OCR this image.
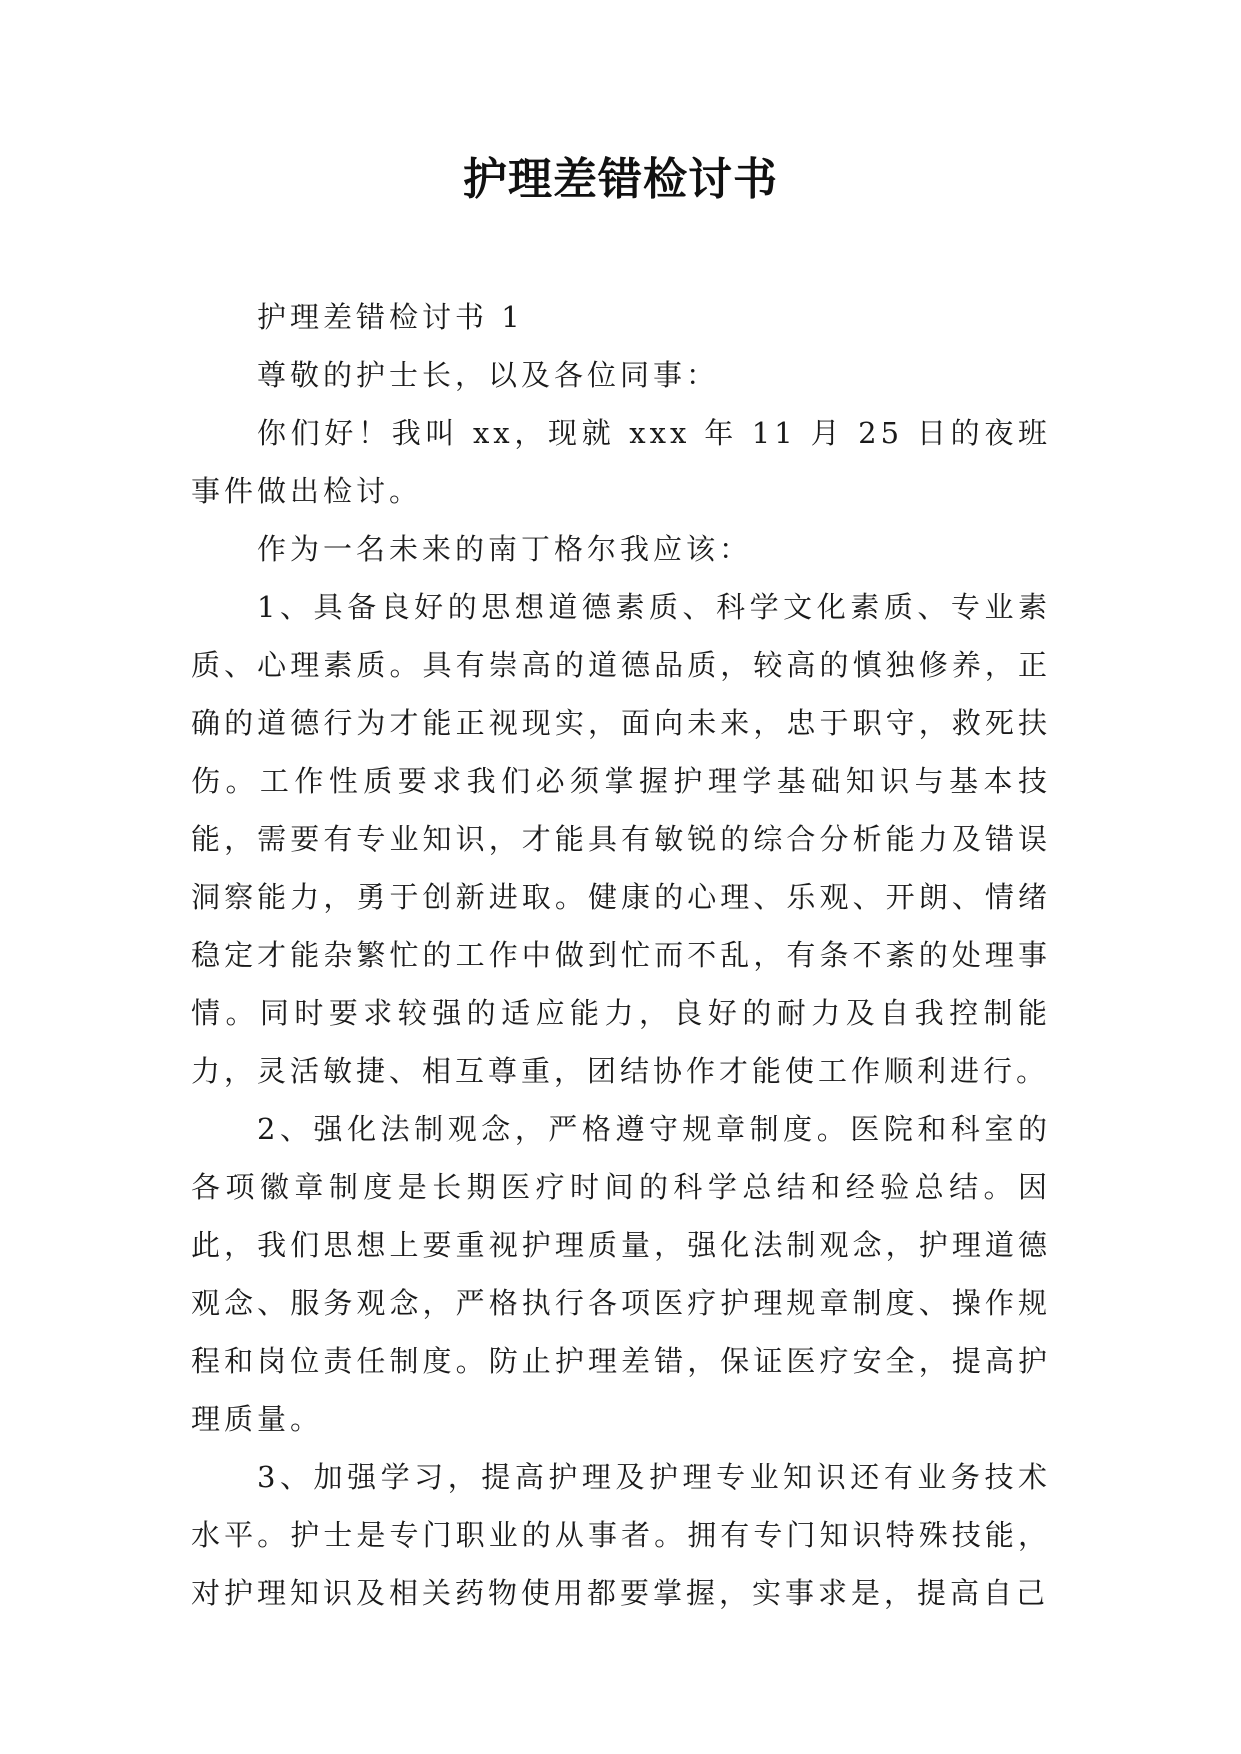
护理差错检讨书

护理差错检讨书 1

尊敬的护士长，以及各位同事：

你们好！我叫 xx，现就 xxx 年 11 月 25 日的夜班事件做出检讨。

作为一名未来的南丁格尔我应该：

1、具备良好的思想道德素质、科学文化素质、专业素质、心理素质。具有崇高的道德品质，较高的慎独修养，正确的道德行为才能正视现实，面向未来，忠于职守，救死扶伤。工作性质要求我们必须掌握护理学基础知识与基本技能，需要有专业知识，才能具有敏锐的综合分析能力及错误洞察能力，勇于创新进取。健康的心理、乐观、开朗、情绪稳定才能杂繁忙的工作中做到忙而不乱，有条不紊的处理事情。同时要求较强的适应能力，良好的耐力及自我控制能力，灵活敏捷、相互尊重，团结协作才能使工作顺利进行。

2、强化法制观念，严格遵守规章制度。医院和科室的各项徽章制度是长期医疗时间的科学总结和经验总结。因此，我们思想上要重视护理质量，强化法制观念，护理道德观念、服务观念，严格执行各项医疗护理规章制度、操作规程和岗位责任制度。防止护理差错，保证医疗安全，提高护理质量。

3、加强学习，提高护理及护理专业知识还有业务技术水平。护士是专门职业的从事者。拥有专门知识特殊技能，对护理知识及相关药物使用都要掌握，实事求是，提高自己
